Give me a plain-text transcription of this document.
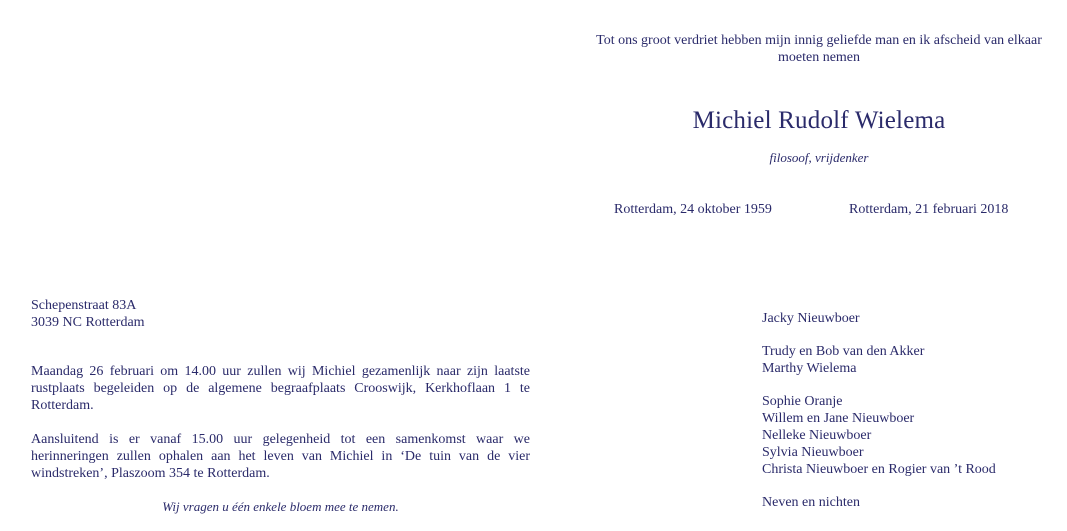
Tot ons groot verdriet hebben mijn innig geliefde man en ik afscheid van elkaar moeten nemen
Michiel Rudolf Wielema
filosoof, vrijdenker
Rotterdam, 24 oktober 1959	Rotterdam, 21 februari 2018
Schepenstraat 83A
3039 NC Rotterdam
Maandag 26 februari om 14.00 uur zullen wij Michiel gezamenlijk naar zijn laatste rustplaats begeleiden op de algemene begraafplaats Crooswijk, Kerkhoflaan 1 te Rotterdam.
Aansluitend is er vanaf 15.00 uur gelegenheid tot een samenkomst waar we herinneringen zullen ophalen aan het leven van Michiel in ‘De tuin van de vier windstreken’, Plaszoom 354 te Rotterdam.
Wij vragen u één enkele bloem mee te nemen.
Jacky Nieuwboer
Trudy en Bob van den Akker
Marthy Wielema
Sophie Oranje
Willem en Jane Nieuwboer
Nelleke Nieuwboer
Sylvia Nieuwboer
Christa Nieuwboer en Rogier van ’t Rood
Neven en nichten
